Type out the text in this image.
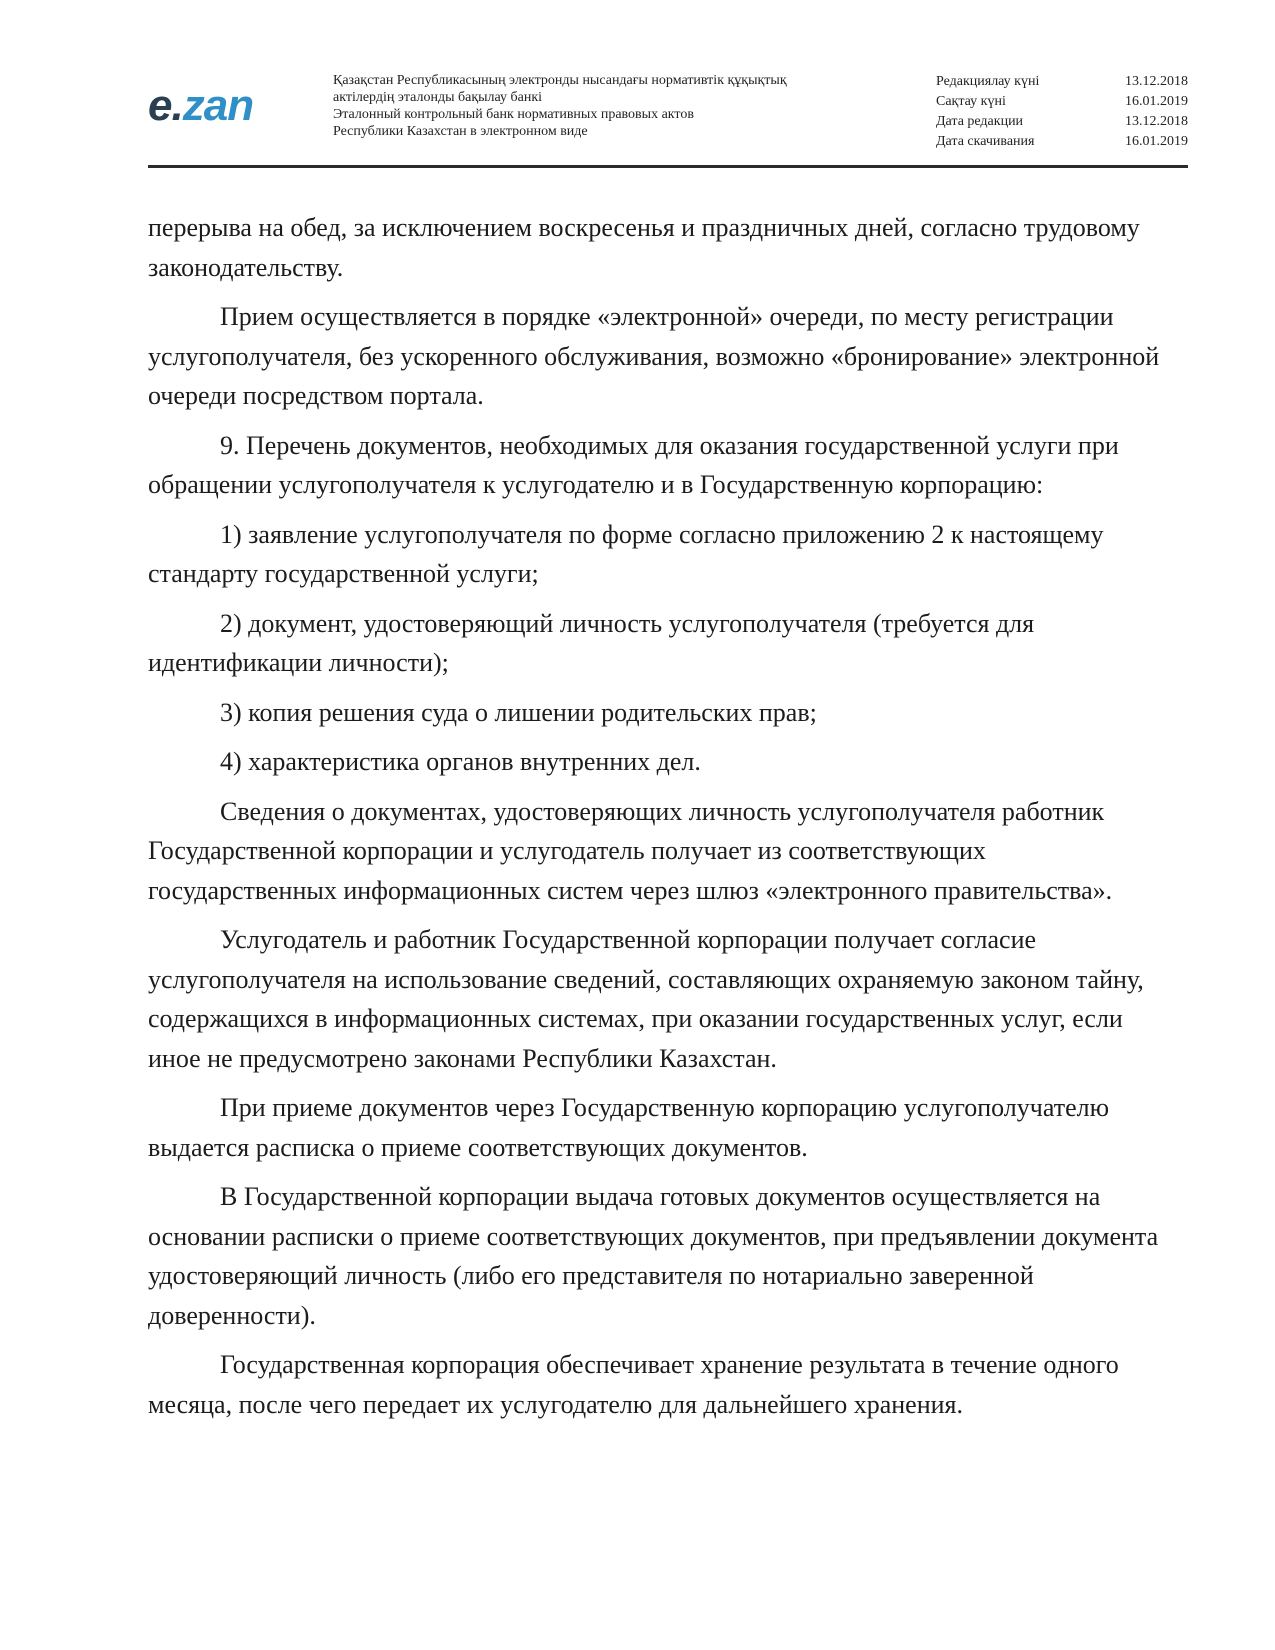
e.zan
Қазақстан Республикасының электронды нысандағы нормативтік құқықтық
актілердің эталонды бақылау банкі
Эталонный контрольный банк нормативных правовых актов
Республики Казахстан в электронном виде
Редакциялау күні	13.12.2018
Сақтау күні	16.01.2019
Дата редакции	13.12.2018
Дата скачивания	16.01.2019

перерыва на обед, за исключением воскресенья и праздничных дней, согласно трудовому законодательству.

Прием осуществляется в порядке «электронной» очереди, по месту регистрации услугополучателя, без ускоренного обслуживания, возможно «бронирование» электронной очереди посредством портала.

9. Перечень документов, необходимых для оказания государственной услуги при обращении услугополучателя к услугодателю и в Государственную корпорацию:

1) заявление услугополучателя по форме согласно приложению 2 к настоящему стандарту государственной услуги;

2) документ, удостоверяющий личность услугополучателя (требуется для идентификации личности);

3) копия решения суда о лишении родительских прав;

4) характеристика органов внутренних дел.

Сведения о документах, удостоверяющих личность услугополучателя работник Государственной корпорации и услугодатель получает из соответствующих государственных информационных систем через шлюз «электронного правительства».

Услугодатель и работник Государственной корпорации получает согласие услугополучателя на использование сведений, составляющих охраняемую законом тайну, содержащихся в информационных системах, при оказании государственных услуг, если иное не предусмотрено законами Республики Казахстан.

При приеме документов через Государственную корпорацию услугополучателю выдается расписка о приеме соответствующих документов.

В Государственной корпорации выдача готовых документов осуществляется на основании расписки о приеме соответствующих документов, при предъявлении документа удостоверяющий личность (либо его представителя по нотариально заверенной доверенности).

Государственная корпорация обеспечивает хранение результата в течение одного месяца, после чего передает их услугодателю для дальнейшего хранения.
